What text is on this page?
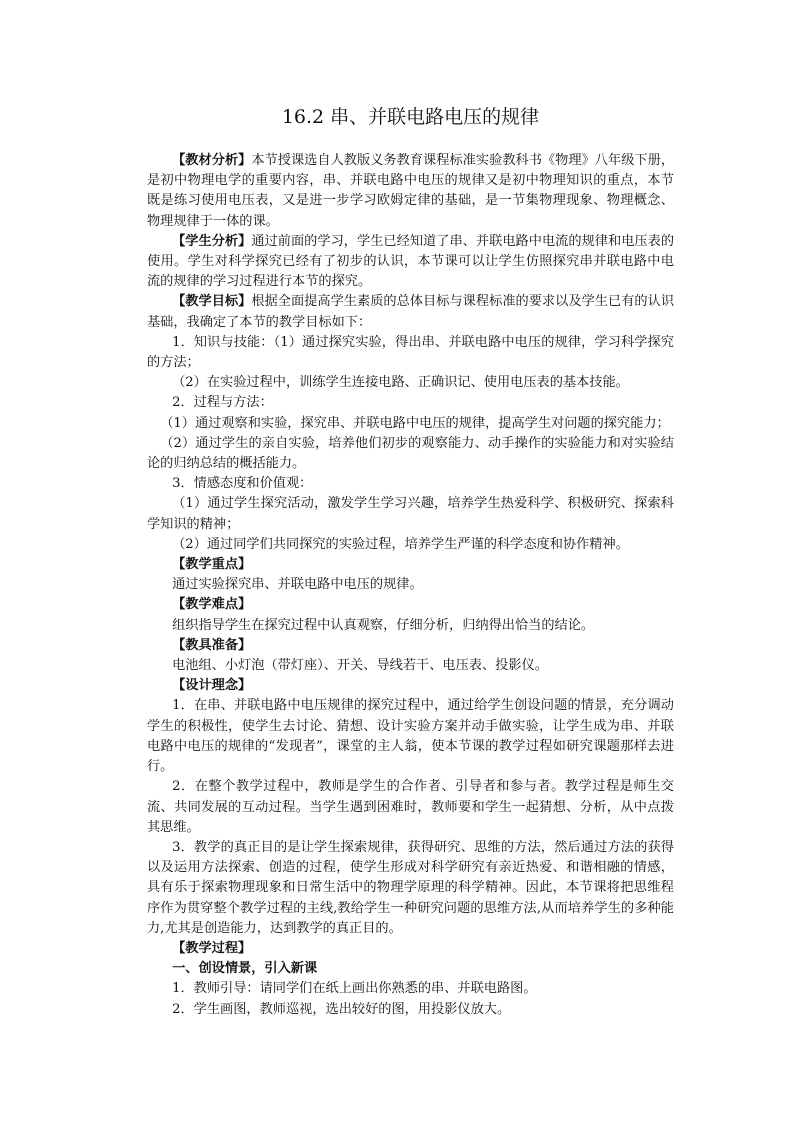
16.2 串、并联电路电压的规律

【教材分析】本节授课选自人教版义务教育课程标准实验教科书《物理》八年级下册，是初中物理电学的重要内容，串、并联电路中电压的规律又是初中物理知识的重点，本节既是练习使用电压表，又是进一步学习欧姆定律的基础，是一节集物理现象、物理概念、物理规律于一体的课。

【学生分析】通过前面的学习，学生已经知道了串、并联电路中电流的规律和电压表的使用。学生对科学探究已经有了初步的认识，本节课可以让学生仿照探究串并联电路中电流的规律的学习过程进行本节的探究。

【教学目标】根据全面提高学生素质的总体目标与课程标准的要求以及学生已有的认识基础，我确定了本节的教学目标如下：

1．知识与技能：（1）通过探究实验，得出串、并联电路中电压的规律，学习科学探究的方法；

（2）在实验过程中，训练学生连接电路、正确识记、使用电压表的基本技能。

2．过程与方法：

（1）通过观察和实验，探究串、并联电路中电压的规律，提高学生对问题的探究能力；

（2）通过学生的亲自实验，培养他们初步的观察能力、动手操作的实验能力和对实验结论的归纳总结的概括能力。

3．情感态度和价值观：

（1）通过学生探究活动，激发学生学习兴趣，培养学生热爱科学、积极研究、探索科学知识的精神；

（2）通过同学们共同探究的实验过程，培养学生严谨的科学态度和协作精神。

【教学重点】

通过实验探究串、并联电路中电压的规律。

【教学难点】

组织指导学生在探究过程中认真观察，仔细分析，归纳得出恰当的结论。

【教具准备】

电池组、小灯泡（带灯座）、开关、导线若干、电压表、投影仪。

【设计理念】

1．在串、并联电路中电压规律的探究过程中，通过给学生创设问题的情景，充分调动学生的积极性，使学生去讨论、猜想、设计实验方案并动手做实验，让学生成为串、并联电路中电压的规律的“发现者”，课堂的主人翁，使本节课的教学过程如研究课题那样去进行。

2．在整个教学过程中，教师是学生的合作者、引导者和参与者。教学过程是师生交流、共同发展的互动过程。当学生遇到困难时，教师要和学生一起猜想、分析，从中点拨其思维。

3．教学的真正目的是让学生探索规律，获得研究、思维的方法，然后通过方法的获得以及运用方法探索、创造的过程，使学生形成对科学研究有亲近热爱、和谐相融的情感，具有乐于探索物理现象和日常生活中的物理学原理的科学精神。因此，本节课将把思维程序作为贯穿整个教学过程的主线,教给学生一种研究问题的思维方法,从而培养学生的多种能力,尤其是创造能力，达到教学的真正目的。

【教学过程】

一、创设情景，引入新课

1．教师引导：请同学们在纸上画出你熟悉的串、并联电路图。

2．学生画图，教师巡视，选出较好的图，用投影仪放大。
